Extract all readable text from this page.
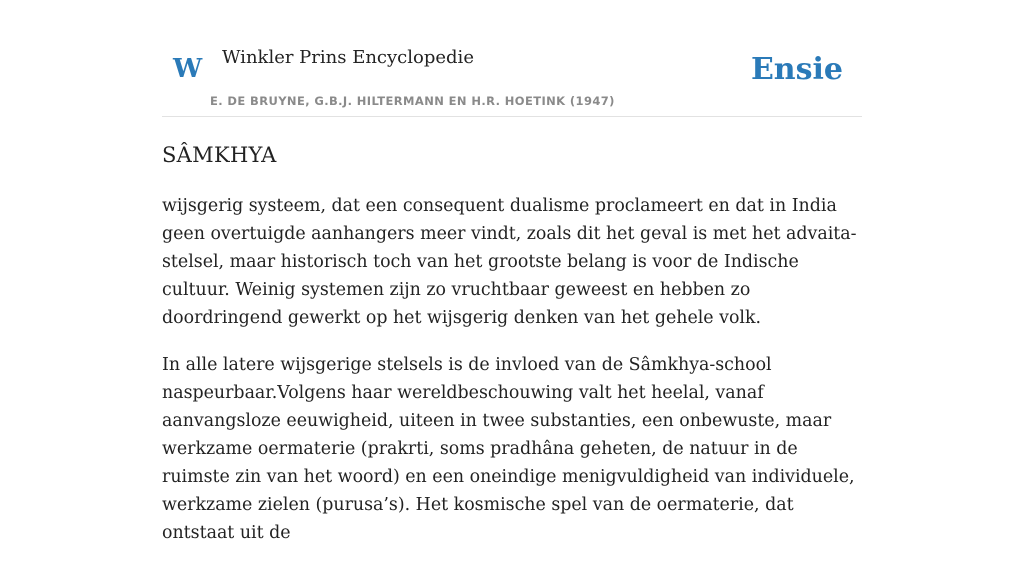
W Winkler Prins Encyclopedie
E. DE BRUYNE, G.B.J. HILTERMANN EN H.R. HOETINK (1947)
Ensie
SÂMKHYA

wijsgerig systeem, dat een consequent dualisme proclameert en dat in India geen overtuigde aanhangers meer vindt, zoals dit het geval is met het advaita-stelsel, maar historisch toch van het grootste belang is voor de Indische cultuur. Weinig systemen zijn zo vruchtbaar geweest en hebben zo doordringend gewerkt op het wijsgerig denken van het gehele volk.

In alle latere wijsgerige stelsels is de invloed van de Sâmkhya-school naspeurbaar.Volgens haar wereldbeschouwing valt het heelal, vanaf aanvangsloze eeuwigheid, uiteen in twee substanties, een onbewuste, maar werkzame oermaterie (prakrti, soms pradhâna geheten, de natuur in de ruimste zin van het woord) en een oneindige menigvuldigheid van individuele, werkzame zielen (purusa’s). Het kosmische spel van de oermaterie, dat ontstaat uit de
